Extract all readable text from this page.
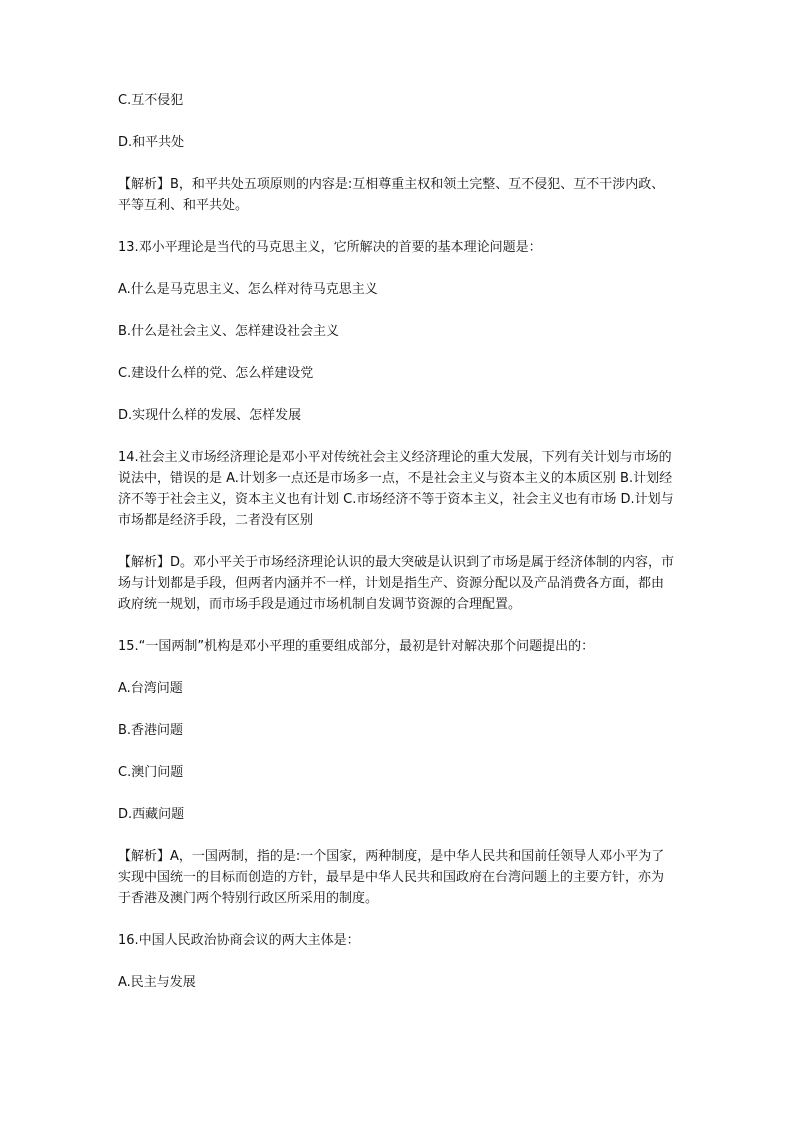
C.互不侵犯

D.和平共处

【解析】B，和平共处五项原则的内容是:互相尊重主权和领土完整、互不侵犯、互不干涉内政、平等互利、和平共处。

13.邓小平理论是当代的马克思主义，它所解决的首要的基本理论问题是：

A.什么是马克思主义、怎么样对待马克思主义

B.什么是社会主义、怎样建设社会主义

C.建设什么样的党、怎么样建设党

D.实现什么样的发展、怎样发展

14.社会主义市场经济理论是邓小平对传统社会主义经济理论的重大发展，下列有关计划与市场的说法中，错误的是 A.计划多一点还是市场多一点，不是社会主义与资本主义的本质区别 B.计划经济不等于社会主义，资本主义也有计划 C.市场经济不等于资本主义，社会主义也有市场 D.计划与市场都是经济手段，二者没有区别

【解析】D。邓小平关于市场经济理论认识的最大突破是认识到了市场是属于经济体制的内容，市场与计划都是手段，但两者内涵并不一样，计划是指生产、资源分配以及产品消费各方面，都由政府统一规划，而市场手段是通过市场机制自发调节资源的合理配置。

15.“一国两制”机构是邓小平理的重要组成部分，最初是针对解决那个问题提出的：

A.台湾问题

B.香港问题

C.澳门问题

D.西藏问题

【解析】A，一国两制，指的是:一个国家，两种制度，是中华人民共和国前任领导人邓小平为了实现中国统一的目标而创造的方针，最早是中华人民共和国政府在台湾问题上的主要方针，亦为于香港及澳门两个特别行政区所采用的制度。

16.中国人民政治协商会议的两大主体是：

A.民主与发展
